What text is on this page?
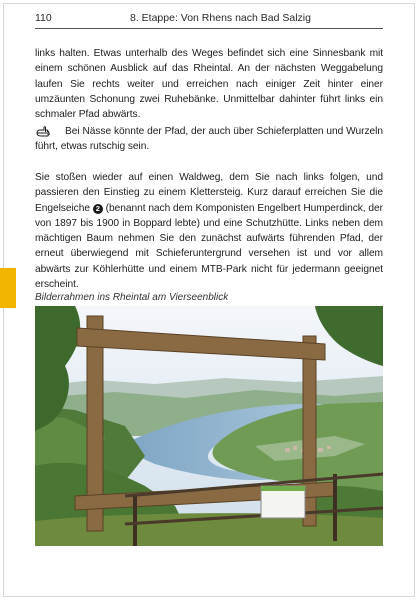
110	8. Etappe: Von Rhens nach Bad Salzig

links halten. Etwas unterhalb des Weges befindet sich eine Sinnesbank mit einem schönen Ausblick auf das Rheintal. An der nächsten Weggabelung laufen Sie rechts weiter und erreichen nach einiger Zeit hinter einer umzäunten Schonung zwei Ruhebänke. Unmittelbar dahinter führt links ein schmaler Pfad abwärts.

Bei Nässe könnte der Pfad, der auch über Schieferplatten und Wurzeln führt, etwas rutschig sein.

Sie stoßen wieder auf einen Waldweg, dem Sie nach links folgen, und passieren den Einstieg zu einem Klettersteig. Kurz darauf erreichen Sie die Engelseiche 2 (benannt nach dem Komponisten Engelbert Humperdinck, der von 1897 bis 1900 in Boppard lebte) und eine Schutzhütte. Links neben dem mächtigen Baum nehmen Sie den zunächst aufwärts führenden Pfad, der erneut überwiegend mit Schieferuntergrund versehen ist und vor allem abwärts zur Köhlerhütte und einem MTB-Park nicht für jedermann geeignet erscheint.

Bilderrahmen ins Rheintal am Vierseenblick
